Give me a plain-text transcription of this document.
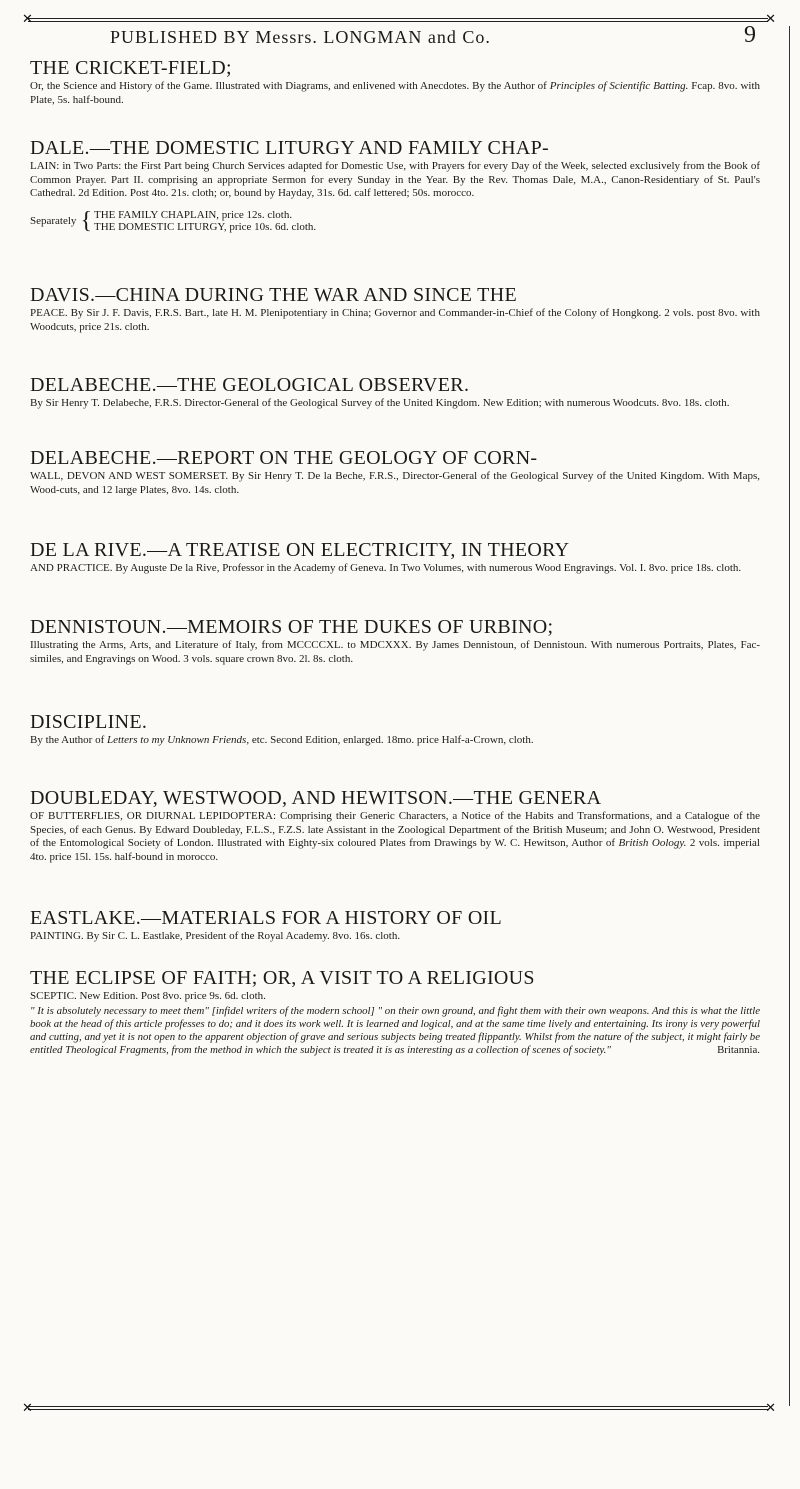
✕	✕
PUBLISHED BY Messrs. LONGMAN and Co.	9

THE CRICKET-FIELD;

Or, the Science and History of the Game. Illustrated with Diagrams, and enlivened with Anecdotes. By the Author of Principles of Scientific Batting. Fcap. 8vo. with Plate, 5s. half-bound.

DALE.—THE DOMESTIC LITURGY AND FAMILY CHAP-

LAIN: in Two Parts: the First Part being Church Services adapted for Domestic Use, with Prayers for every Day of the Week, selected exclusively from the Book of Common Prayer. Part II. comprising an appropriate Sermon for every Sunday in the Year. By the Rev. Thomas Dale, M.A., Canon-Residentiary of St. Paul's Cathedral. 2d Edition. Post 4to. 21s. cloth; or, bound by Hayday, 31s. 6d. calf lettered; 50s. morocco.

Separately { THE FAMILY CHAPLAIN, price 12s. cloth.
THE DOMESTIC LITURGY, price 10s. 6d. cloth.

DAVIS.—CHINA DURING THE WAR AND SINCE THE

PEACE. By Sir J. F. Davis, F.R.S. Bart., late H. M. Plenipotentiary in China; Governor and Commander-in-Chief of the Colony of Hongkong. 2 vols. post 8vo. with Woodcuts, price 21s. cloth.

DELABECHE.—THE GEOLOGICAL OBSERVER.

By Sir Henry T. Delabeche, F.R.S. Director-General of the Geological Survey of the United Kingdom. New Edition; with numerous Woodcuts. 8vo. 18s. cloth.

DELABECHE.—REPORT ON THE GEOLOGY OF CORN-

WALL, DEVON AND WEST SOMERSET. By Sir Henry T. De la Beche, F.R.S., Director-General of the Geological Survey of the United Kingdom. With Maps, Wood-cuts, and 12 large Plates, 8vo. 14s. cloth.

DE LA RIVE.—A TREATISE ON ELECTRICITY, IN THEORY

AND PRACTICE. By Auguste De la Rive, Professor in the Academy of Geneva. In Two Volumes, with numerous Wood Engravings. Vol. I. 8vo. price 18s. cloth.

DENNISTOUN.—MEMOIRS OF THE DUKES OF URBINO;

Illustrating the Arms, Arts, and Literature of Italy, from MCCCCXL. to MDCXXX. By James Dennistoun, of Dennistoun. With numerous Portraits, Plates, Fac-similes, and Engravings on Wood. 3 vols. square crown 8vo. 2l. 8s. cloth.

DISCIPLINE.

By the Author of Letters to my Unknown Friends, etc. Second Edition, enlarged. 18mo. price Half-a-Crown, cloth.

DOUBLEDAY, WESTWOOD, AND HEWITSON.—THE GENERA

OF BUTTERFLIES, OR DIURNAL LEPIDOPTERA: Comprising their Generic Characters, a Notice of the Habits and Transformations, and a Catalogue of the Species, of each Genus. By Edward Doubleday, F.L.S., F.Z.S. late Assistant in the Zoological Department of the British Museum; and John O. Westwood, President of the Entomological Society of London. Illustrated with Eighty-six coloured Plates from Drawings by W. C. Hewitson, Author of British Oology. 2 vols. imperial 4to. price 15l. 15s. half-bound in morocco.

EASTLAKE.—MATERIALS FOR A HISTORY OF OIL

PAINTING. By Sir C. L. Eastlake, President of the Royal Academy. 8vo. 16s. cloth.

THE ECLIPSE OF FAITH; OR, A VISIT TO A RELIGIOUS

SCEPTIC. New Edition. Post 8vo. price 9s. 6d. cloth.

" It is absolutely necessary to meet them" [infidel writers of the modern school] " on their own ground, and fight them with their own weapons. And this is what the little book at the head of this article professes to do; and it does its work well. It is learned and logical, and at the same time lively and entertaining. Its irony is very powerful and cutting, and yet it is not open to the apparent objection of grave and serious subjects being treated flippantly. Whilst from the nature of the subject, it might fairly be entitled Theological Fragments, from the method in which the subject is treated it is as interesting as a collection of scenes of society."	Britannia.

✕	✕
